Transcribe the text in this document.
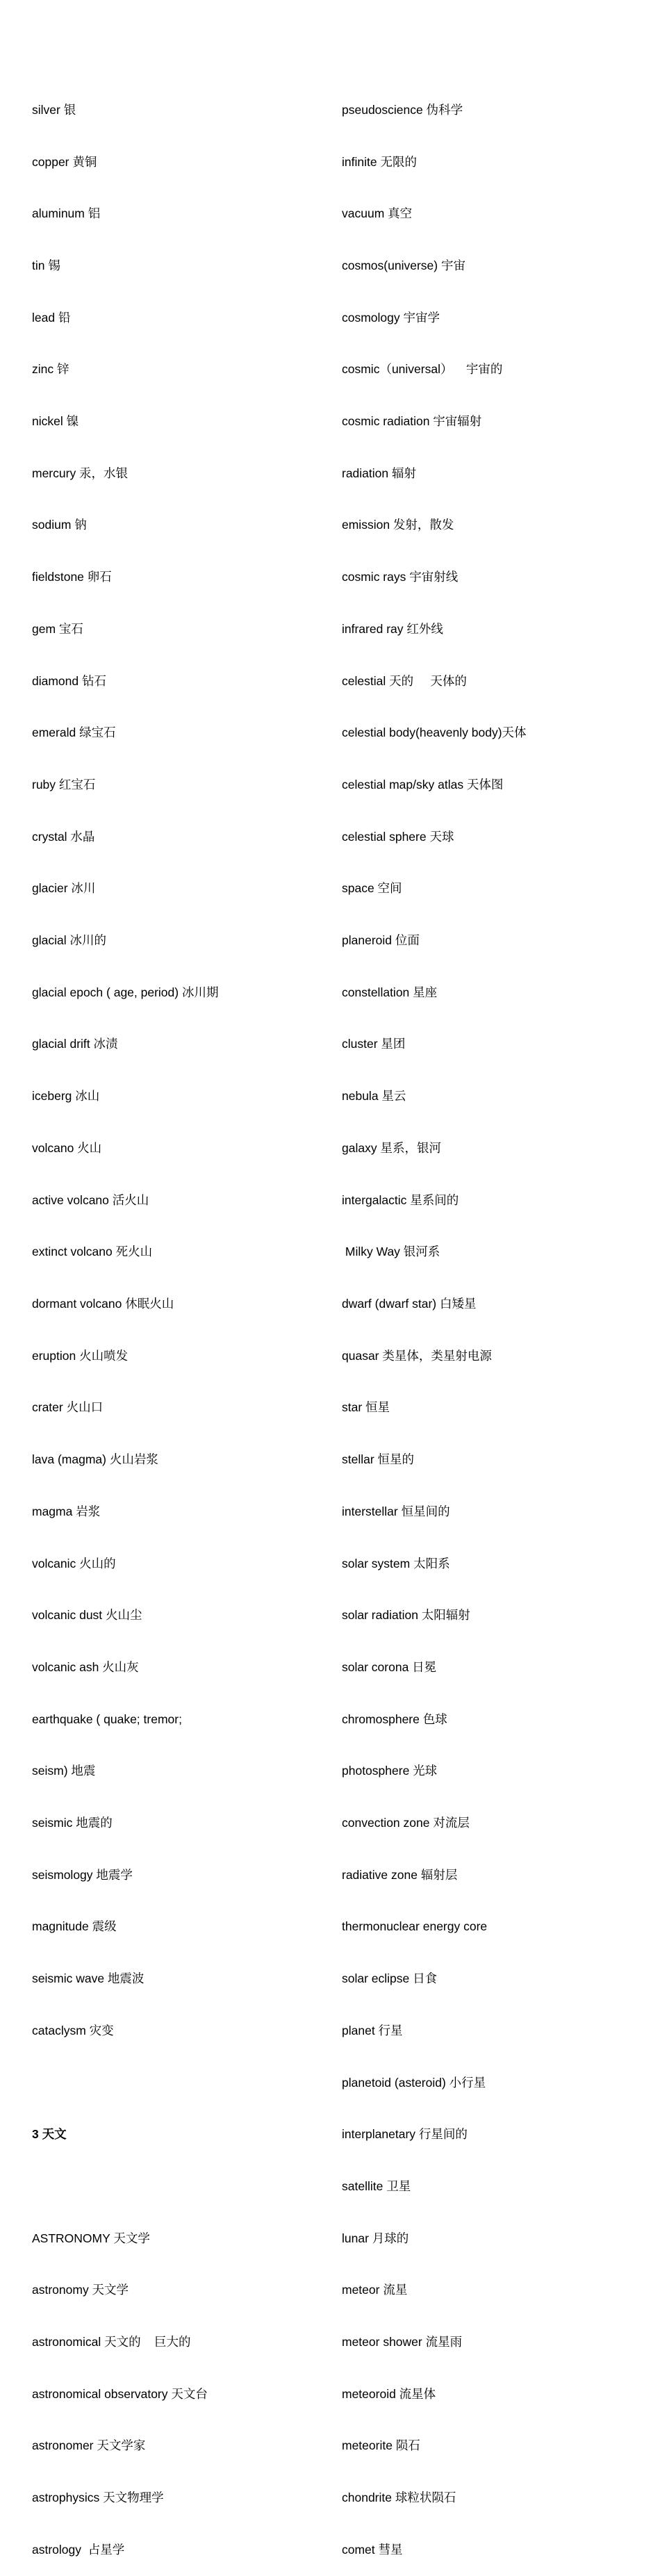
silver 银

copper 黄铜

aluminum 铝

tin 锡

lead 铅

zinc 锌

nickel 镍

mercury 汞，水银

sodium 钠

fieldstone 卵石

gem 宝石

diamond 钻石

emerald 绿宝石

ruby 红宝石

crystal 水晶

glacier 冰川

glacial 冰川的

glacial epoch ( age, period) 冰川期

glacial drift 冰渍

iceberg 冰山

volcano 火山

active volcano 活火山

extinct volcano 死火山

dormant volcano 休眠火山

eruption 火山喷发

crater 火山口

lava (magma) 火山岩浆

magma 岩浆

volcanic 火山的

volcanic dust 火山尘

volcanic ash 火山灰

earthquake ( quake; tremor;

seism) 地震

seismic 地震的

seismology 地震学

magnitude 震级

seismic wave 地震波

cataclysm 灾变

3 天文

ASTRONOMY 天文学

astronomy 天文学

astronomical 天文的    巨大的

astronomical observatory 天文台

astronomer 天文学家

astrophysics 天文物理学

astrology  占星学

pseudoscience 伪科学

infinite 无限的

vacuum 真空

cosmos(universe) 宇宙

cosmology 宇宙学

cosmic（universal）    宇宙的

cosmic radiation 宇宙辐射

radiation 辐射

emission 发射，散发

cosmic rays 宇宙射线

infrared ray 红外线

celestial 天的     天体的

celestial body(heavenly body)天体

celestial map/sky atlas 天体图

celestial sphere 天球

space 空间

planeroid 位面

constellation 星座

cluster 星团

nebula 星云

galaxy 星系，银河

intergalactic 星系间的

Milky Way 银河系

dwarf (dwarf star) 白矮星

quasar 类星体，类星射电源

star 恒星

stellar 恒星的

interstellar 恒星间的

solar system 太阳系

solar radiation 太阳辐射

solar corona 日冕

chromosphere 色球

photosphere 光球

convection zone 对流层

radiative zone 辐射层

thermonuclear energy core

solar eclipse 日食

planet 行星

planetoid (asteroid) 小行星

interplanetary 行星间的

satellite 卫星

lunar 月球的

meteor 流星

meteor shower 流星雨

meteoroid 流星体

meteorite 陨石

chondrite 球粒状陨石

comet 彗星
